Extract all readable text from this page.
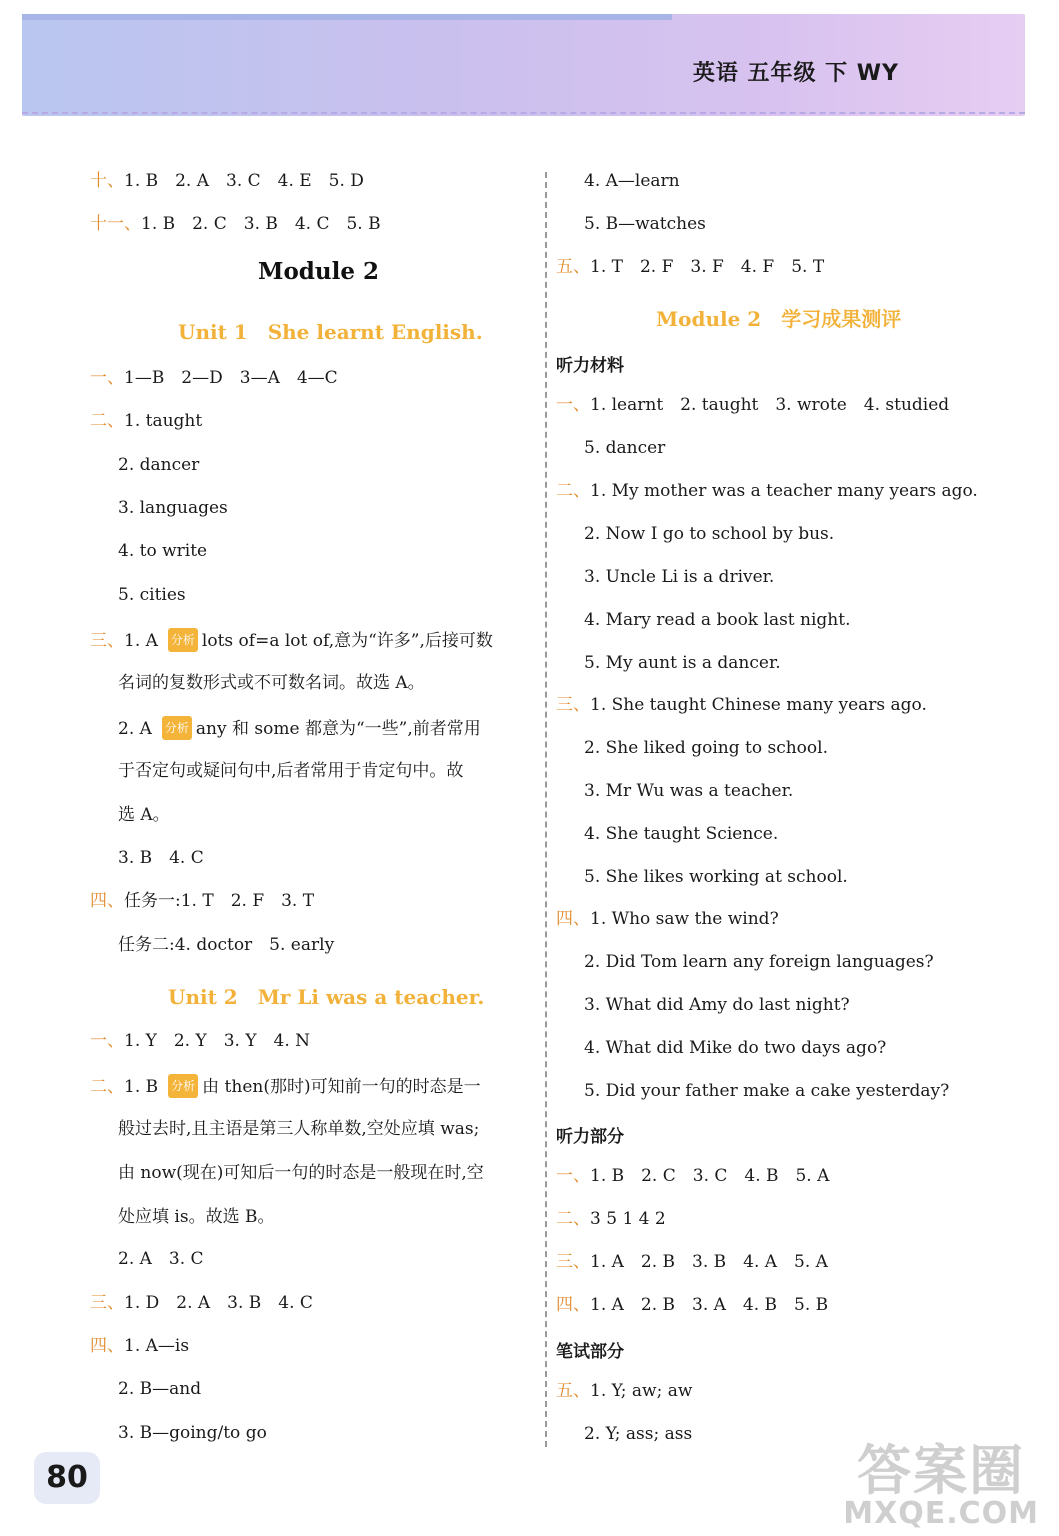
英语 五年级 下 WY
十、1. B　2. A　3. C　4. E　5. D
十一、1. B　2. C　3. B　4. C　5. B
Module 2
Unit 1　She learnt English.
一、1—B　2—D　3—A　4—C
二、1. taught
2. dancer
3. languages
4. to write
5. cities
三、1. A 分析 lots of=a lot of,意为“许多”,后接可数
名词的复数形式或不可数名词。故选 A。
2. A 分析 any 和 some 都意为“一些”,前者常用
于否定句或疑问句中,后者常用于肯定句中。故
选 A。
3. B　4. C
四、任务一:1. T　2. F　3. T
任务二:4. doctor　5. early
Unit 2　Mr Li was a teacher.
一、1. Y　2. Y　3. Y　4. N
二、1. B 分析 由 then(那时)可知前一句的时态是一
般过去时,且主语是第三人称单数,空处应填 was;
由 now(现在)可知后一句的时态是一般现在时,空
处应填 is。故选 B。
2. A　3. C
三、1. D　2. A　3. B　4. C
四、1. A—is
2. B—and
3. B—going/to go
4. A—learn
5. B—watches
五、1. T　2. F　3. F　4. F　5. T
Module 2　学习成果测评
听力材料
一、1. learnt　2. taught　3. wrote　4. studied
5. dancer
二、1. My mother was a teacher many years ago.
2. Now I go to school by bus.
3. Uncle Li is a driver.
4. Mary read a book last night.
5. My aunt is a dancer.
三、1. She taught Chinese many years ago.
2. She liked going to school.
3. Mr Wu was a teacher.
4. She taught Science.
5. She likes working at school.
四、1. Who saw the wind?
2. Did Tom learn any foreign languages?
3. What did Amy do last night?
4. What did Mike do two days ago?
5. Did your father make a cake yesterday?
听力部分
一、1. B　2. C　3. C　4. B　5. A
二、3 5 1 4 2
三、1. A　2. B　3. B　4. A　5. A
四、1. A　2. B　3. A　4. B　5. B
笔试部分
五、1. Y; aw; aw
2. Y; ass; ass
80	答案圈
MXQE.COM
